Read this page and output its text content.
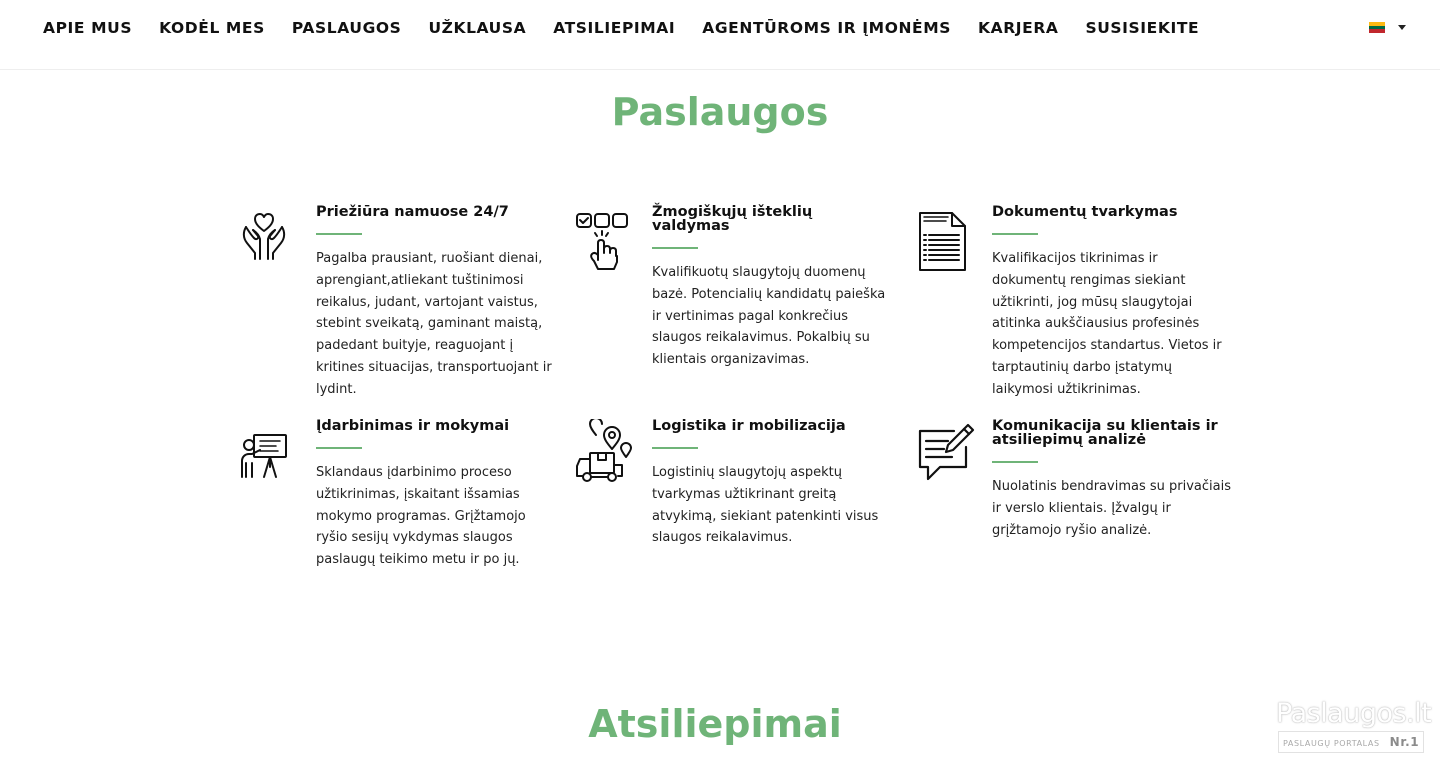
APIE MUS KODĖL MES PASLAUGOS UŽKLAUSA ATSILIEPIMAI AGENTŪROMS IR ĮMONĖMS KARJERA SUSISIEKITE
Paslaugos
Priežiūra namuose 24/7

Pagalba prausiant, ruošiant dienai, aprengiant,atliekant tuštinimosi reikalus, judant, vartojant vaistus, stebint sveikatą, gaminant maistą, padedant buityje, reaguojant į kritines situacijas, transportuojant ir lydint.

Žmogiškųjų išteklių valdymas

Kvalifikuotų slaugytojų duomenų bazė. Potencialių kandidatų paieška ir vertinimas pagal konkrečius slaugos reikalavimus. Pokalbių su klientais organizavimas.

Dokumentų tvarkymas

Kvalifikacijos tikrinimas ir dokumentų rengimas siekiant užtikrinti, jog mūsų slaugytojai atitinka aukščiausius profesinės kompetencijos standartus. Vietos ir tarptautinių darbo įstatymų laikymosi užtikrinimas.

Įdarbinimas ir mokymai

Sklandaus įdarbinimo proceso užtikrinimas, įskaitant išsamias mokymo programas. Grįžtamojo ryšio sesijų vykdymas slaugos paslaugų teikimo metu ir po jų.

Logistika ir mobilizacija

Logistinių slaugytojų aspektų tvarkymas užtikrinant greitą atvykimą, siekiant patenkinti visus slaugos reikalavimus.

Komunikacija su klientais ir atsiliepimų analizė

Nuolatinis bendravimas su privačiais ir verslo klientais. Įžvalgų ir grįžtamojo ryšio analizė.

Atsiliepimai	Paslaugos.lt
PASLAUGŲ PORTALAS Nr.1
